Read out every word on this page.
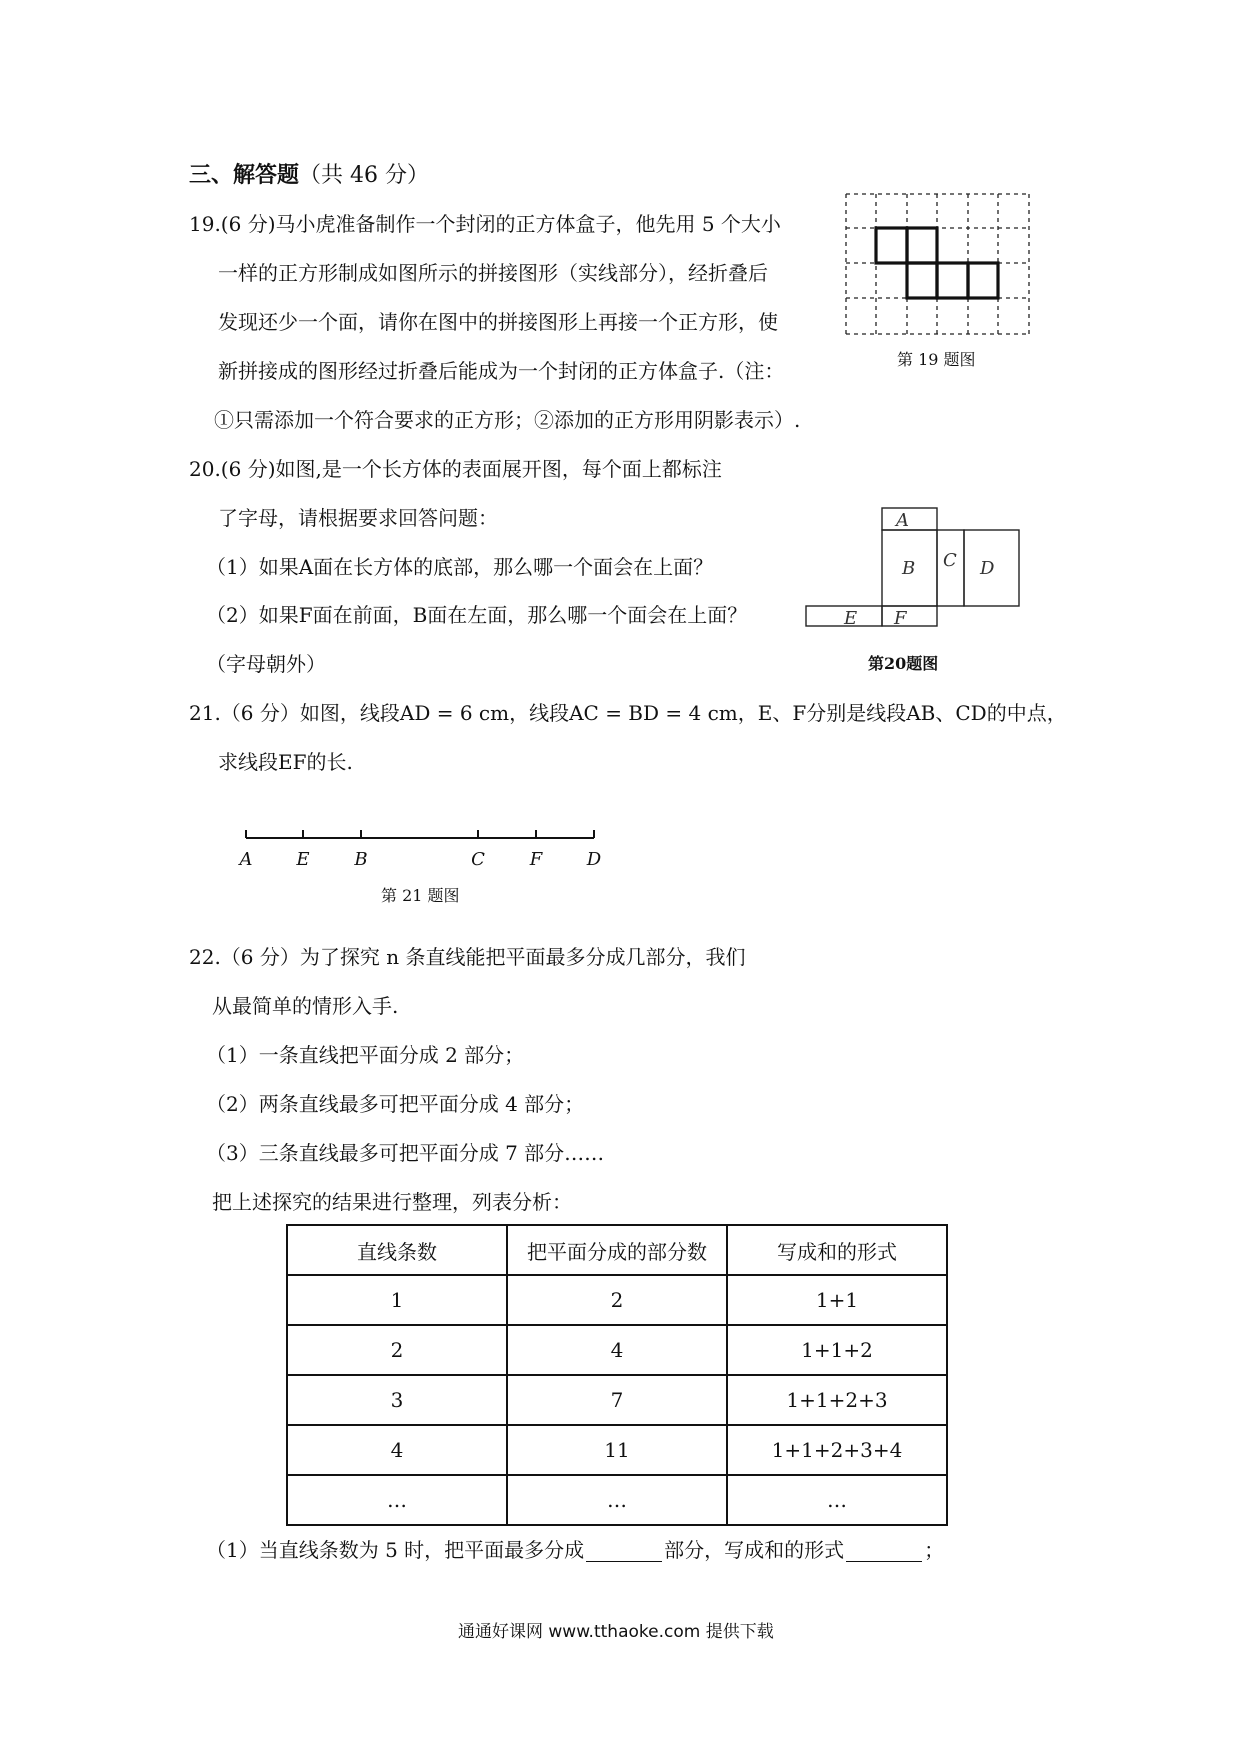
三、解答题（共 46 分）
19.(6 分)马小虎准备制作一个封闭的正方体盒子，他先用 5 个大小
一样的正方形制成如图所示的拼接图形（实线部分），经折叠后
发现还少一个面，请你在图中的拼接图形上再接一个正方形，使
新拼接成的图形经过折叠后能成为一个封闭的正方体盒子.（注：
①只需添加一个符合要求的正方形；②添加的正方形用阴影表示）.
第 19 题图
20.(6 分)如图,是一个长方体的表面展开图，每个面上都标注
了字母，请根据要求回答问题：
（1）如果A面在长方体的底部，那么哪一个面会在上面？
（2）如果F面在前面，B面在左面，那么哪一个面会在上面？
（字母朝外）
A
B C D
E F
第20题图
21.（6 分）如图，线段AD = 6 cm，线段AC = BD = 4 cm，E、F分别是线段AB、CD的中点，
求线段EF的长.
A E B	C F D
第 21 题图
22.（6 分）为了探究 n 条直线能把平面最多分成几部分，我们
从最简单的情形入手.
（1）一条直线把平面分成 2 部分；
（2）两条直线最多可把平面分成 4 部分；
（3）三条直线最多可把平面分成 7 部分……
把上述探究的结果进行整理，列表分析：
直线条数	把平面分成的部分数	写成和的形式
1	2	1+1
2	4	1+1+2
3	7	1+1+2+3
4	11	1+1+2+3+4
…	…	…
（1）当直线条数为 5 时，把平面最多分成	部分，写成和的形式	；
通通好课网 www.tthaoke.com 提供下载
